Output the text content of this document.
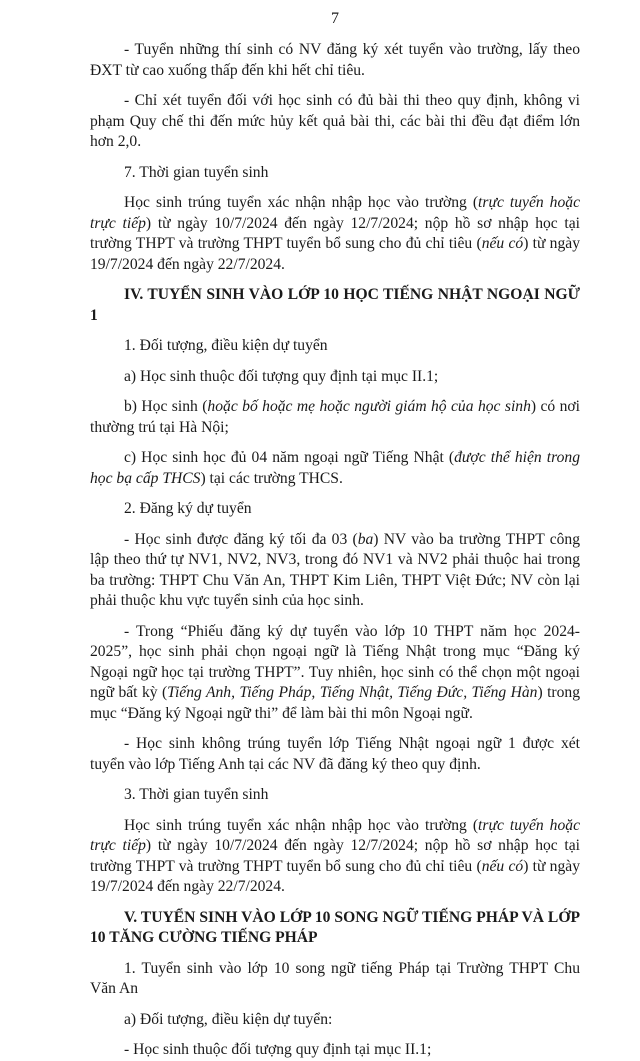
7

- Tuyển những thí sinh có NV đăng ký xét tuyển vào trường, lấy theo ĐXT từ cao xuống thấp đến khi hết chỉ tiêu.

- Chỉ xét tuyển đối với học sinh có đủ bài thi theo quy định, không vi phạm Quy chế thi đến mức hủy kết quả bài thi, các bài thi đều đạt điểm lớn hơn 2,0.

7. Thời gian tuyển sinh

Học sinh trúng tuyển xác nhận nhập học vào trường (trực tuyến hoặc trực tiếp) từ ngày 10/7/2024 đến ngày 12/7/2024; nộp hồ sơ nhập học tại trường THPT và trường THPT tuyển bổ sung cho đủ chỉ tiêu (nếu có) từ ngày 19/7/2024 đến ngày 22/7/2024.

IV. TUYỂN SINH VÀO LỚP 10 HỌC TIẾNG NHẬT NGOẠI NGỮ 1

1. Đối tượng, điều kiện dự tuyển

a) Học sinh thuộc đối tượng quy định tại mục II.1;

b) Học sinh (hoặc bố hoặc mẹ hoặc người giám hộ của học sinh) có nơi thường trú tại Hà Nội;

c) Học sinh học đủ 04 năm ngoại ngữ Tiếng Nhật (được thể hiện trong học bạ cấp THCS) tại các trường THCS.

2. Đăng ký dự tuyển

- Học sinh được đăng ký tối đa 03 (ba) NV vào ba trường THPT công lập theo thứ tự NV1, NV2, NV3, trong đó NV1 và NV2 phải thuộc hai trong ba trường: THPT Chu Văn An, THPT Kim Liên, THPT Việt Đức; NV còn lại phải thuộc khu vực tuyển sinh của học sinh.

- Trong “Phiếu đăng ký dự tuyển vào lớp 10 THPT năm học 2024-2025”, học sinh phải chọn ngoại ngữ là Tiếng Nhật trong mục “Đăng ký Ngoại ngữ học tại trường THPT”. Tuy nhiên, học sinh có thể chọn một ngoại ngữ bất kỳ (Tiếng Anh, Tiếng Pháp, Tiếng Nhật, Tiếng Đức, Tiếng Hàn) trong mục “Đăng ký Ngoại ngữ thi” để làm bài thi môn Ngoại ngữ.

- Học sinh không trúng tuyển lớp Tiếng Nhật ngoại ngữ 1 được xét tuyển vào lớp Tiếng Anh tại các NV đã đăng ký theo quy định.

3. Thời gian tuyển sinh

Học sinh trúng tuyển xác nhận nhập học vào trường (trực tuyến hoặc trực tiếp) từ ngày 10/7/2024 đến ngày 12/7/2024; nộp hồ sơ nhập học tại trường THPT và trường THPT tuyển bổ sung cho đủ chỉ tiêu (nếu có) từ ngày 19/7/2024 đến ngày 22/7/2024.

V. TUYỂN SINH VÀO LỚP 10 SONG NGỮ TIẾNG PHÁP VÀ LỚP 10 TĂNG CƯỜNG TIẾNG PHÁP

1. Tuyển sinh vào lớp 10 song ngữ tiếng Pháp tại Trường THPT Chu Văn An

a) Đối tượng, điều kiện dự tuyển:

- Học sinh thuộc đối tượng quy định tại mục II.1;
